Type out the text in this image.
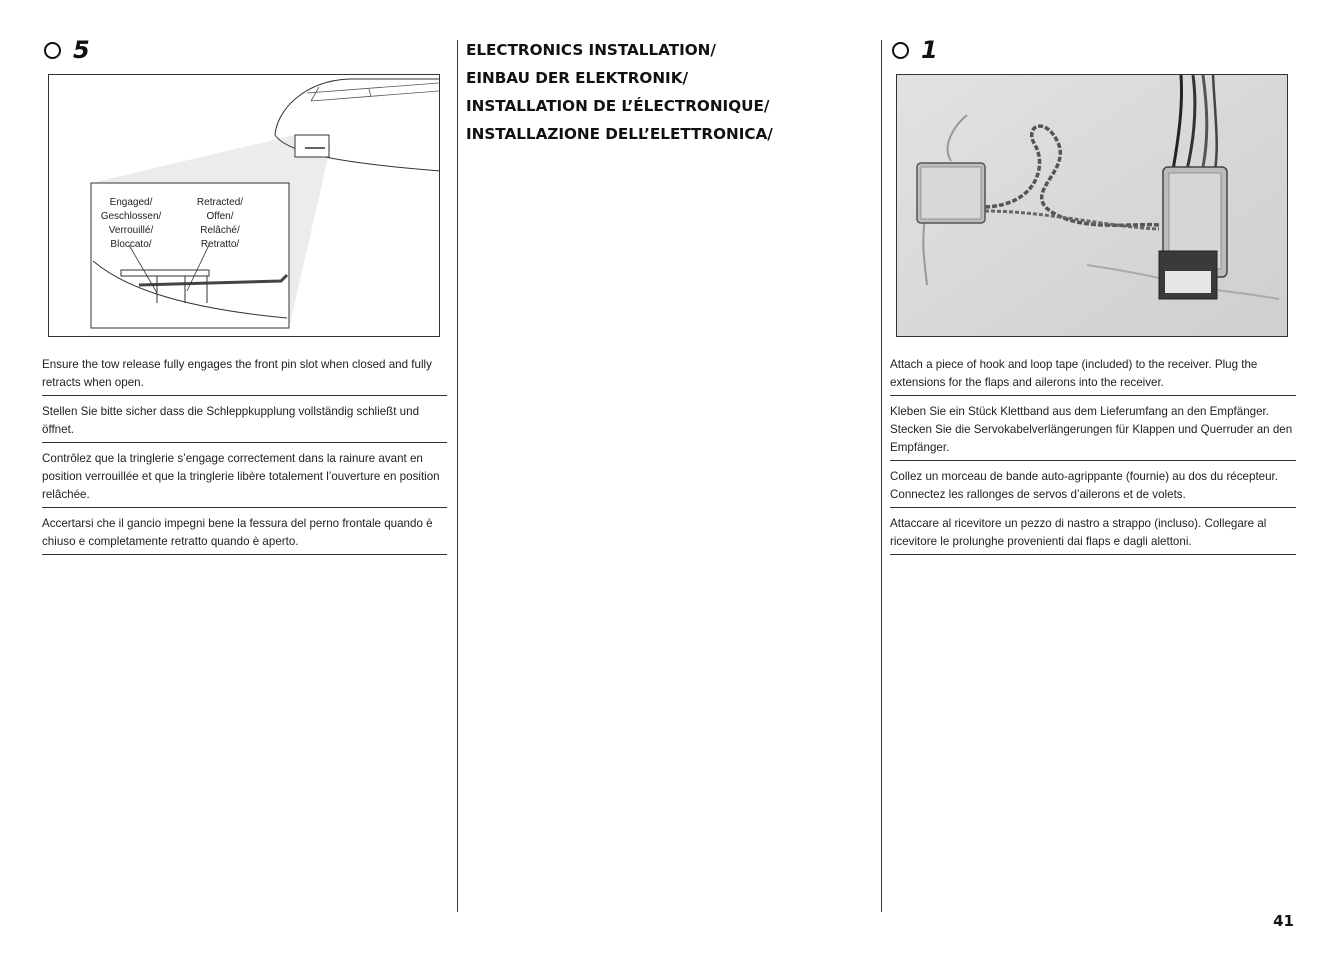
5
Engaged/
Geschlossen/
Verrouillé/
Bloccato/
Retracted/
Offen/
Relâché/
Retratto/

Ensure the tow release fully engages the front pin slot when closed and fully retracts when open.

Stellen Sie bitte sicher dass die Schleppkupplung vollständig schließt und öffnet.

Contrôlez que la tringlerie s’engage correctement dans la rainure avant en position verrouillée et que la tringlerie libère totalement l’ouverture en position relâchée.

Accertarsi che il gancio impegni bene la fessura del perno frontale quando è chiuso e completamente retratto quando è aperto.

ELECTRONICS INSTALLATION/
EINBAU DER ELEKTRONIK/
INSTALLATION DE L’ÉLECTRONIQUE/
INSTALLAZIONE DELL’ELETTRONICA/
1

Attach a piece of hook and loop tape (included) to the receiver. Plug the extensions for the flaps and ailerons into the receiver.

Kleben Sie ein Stück Klettband aus dem Lieferumfang an den Empfänger. Stecken Sie die Servokabelverlängerungen für Klappen und Querruder an den Empfänger.

Collez un morceau de bande auto-agrippante (fournie) au dos du récepteur. Connectez les rallonges de servos d’ailerons et de volets.

Attaccare al ricevitore un pezzo di nastro a strappo (incluso). Collegare al ricevitore le prolunghe provenienti dai flaps e dagli alettoni.

41
